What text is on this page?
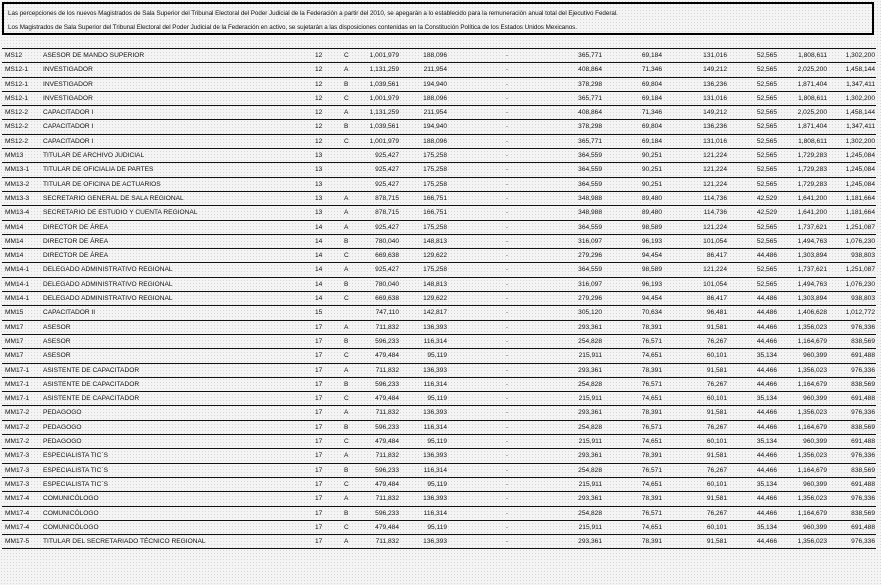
Las percepciones de los nuevos Magistrados de Sala Superior del Tribunal Electoral del Poder Judicial de la Federación a partir del 2010, se apegarán a lo establecido para la remuneración anual total del Ejecutivo Federal.
Los Magistrados de Sala Superior del Tribunal Electoral del Poder Judicial de la Federación en activo, se sujetarán a las disposiciones contenidas en la Constitución Política de los Estados Unidos Mexicanos.
MS12	ASESOR DE MANDO SUPERIOR	12	C	1,001,979	188,096	-	365,771	69,184	131,016	52,565	1,808,611	1,302,200
MS12-1 INVESTIGADOR	12	A	1,131,259	211,954	-	408,864	71,346	149,212	52,565	2,025,200	1,458,144
MS12-1 INVESTIGADOR	12	B	1,039,561	194,940	-	378,298	69,804	136,236	52,565	1,871,404	1,347,411
MS12-1 INVESTIGADOR	12	C	1,001,979	188,096	-	365,771	69,184	131,016	52,565	1,808,611	1,302,200
MS12-2 CAPACITADOR I	12	A	1,131,259	211,954	-	408,864	71,346	149,212	52,565	2,025,200	1,458,144
MS12-2 CAPACITADOR I	12	B	1,039,561	194,940	-	378,298	69,804	136,236	52,565	1,871,404	1,347,411
MS12-2 CAPACITADOR I	12	C	1,001,979	188,096	-	365,771	69,184	131,016	52,565	1,808,611	1,302,200
MM13	TITULAR DE ARCHIVO JUDICIAL	13	925,427	175,258	-	364,559	90,251	121,224	52,565	1,729,283	1,245,084
MM13-1 TITULAR DE OFICIALIA DE PARTES	13	925,427	175,258	-	364,559	90,251	121,224	52,565	1,729,283	1,245,084
MM13-2 TITULAR DE OFICINA DE ACTUARIOS	13	925,427	175,258	-	364,559	90,251	121,224	52,565	1,729,283	1,245,084
MM13-3 SECRETARIO GENERAL DE SALA REGIONAL	13	A	878,715	166,751	-	348,988	89,480	114,736	42,529	1,641,200	1,181,664
MM13-4 SECRETARIO DE ESTUDIO Y CUENTA REGIONAL	13	A	878,715	166,751	-	348,988	89,480	114,736	42,529	1,641,200	1,181,664
MM14	DIRECTOR DE ÁREA	14	A	925,427	175,258	-	364,559	98,589	121,224	52,565	1,737,621	1,251,087
MM14	DIRECTOR DE ÁREA	14	B	780,040	148,813	-	316,097	96,193	101,054	52,565	1,494,763	1,076,230
MM14	DIRECTOR DE ÁREA	14	C	669,638	129,622	-	279,296	94,454	86,417	44,486	1,303,894	938,803
MM14-1 DELEGADO ADMINISTRATIVO REGIONAL	14	A	925,427	175,258	-	364,559	98,589	121,224	52,565	1,737,621	1,251,087
MM14-1 DELEGADO ADMINISTRATIVO REGIONAL	14	B	780,040	148,813	-	316,097	96,193	101,054	52,565	1,494,763	1,076,230
MM14-1 DELEGADO ADMINISTRATIVO REGIONAL	14	C	669,638	129,622	-	279,296	94,454	86,417	44,486	1,303,894	938,803
MM15	CAPACITADOR II	15	747,110	142,817	-	305,120	70,634	96,481	44,486	1,406,628	1,012,772
MM17	ASESOR	17	A	711,832	136,393	-	293,361	78,391	91,581	44,466	1,356,023	976,336
MM17	ASESOR	17	B	596,233	116,314	-	254,828	76,571	76,267	44,466	1,164,679	838,569
MM17	ASESOR	17	C	479,484	95,119	-	215,911	74,651	60,101	35,134	960,399	691,488
MM17-1 ASISTENTE DE CAPACITADOR	17	A	711,832	136,393	-	293,361	78,391	91,581	44,466	1,356,023	976,336
MM17-1 ASISTENTE DE CAPACITADOR	17	B	596,233	116,314	-	254,828	76,571	76,267	44,466	1,164,679	838,569
MM17-1 ASISTENTE DE CAPACITADOR	17	C	479,484	95,119	-	215,911	74,651	60,101	35,134	960,399	691,488
MM17-2 PEDAGOGO	17	A	711,832	136,393	-	293,361	78,391	91,581	44,466	1,356,023	976,336
MM17-2 PEDAGOGO	17	B	596,233	116,314	-	254,828	76,571	76,267	44,466	1,164,679	838,569
MM17-2 PEDAGOGO	17	C	479,484	95,119	-	215,911	74,651	60,101	35,134	960,399	691,488
MM17-3 ESPECIALISTA TIC´S	17	A	711,832	136,393	-	293,361	78,391	91,581	44,466	1,356,023	976,336
MM17-3 ESPECIALISTA TIC´S	17	B	596,233	116,314	-	254,828	76,571	76,267	44,466	1,164,679	838,569
MM17-3 ESPECIALISTA TIC´S	17	C	479,484	95,119	-	215,911	74,651	60,101	35,134	960,399	691,488
MM17-4 COMUNICÓLOGO	17	A	711,832	136,393	-	293,361	78,391	91,581	44,466	1,356,023	976,336
MM17-4 COMUNICÓLOGO	17	B	596,233	116,314	-	254,828	76,571	76,267	44,466	1,164,679	838,569
MM17-4 COMUNICÓLOGO	17	C	479,484	95,119	-	215,911	74,651	60,101	35,134	960,399	691,488
MM17-5 TITULAR DEL SECRETARIADO TÉCNICO REGIONAL	17	A	711,832	136,393	-	293,361	78,391	91,581	44,466	1,356,023	976,336
